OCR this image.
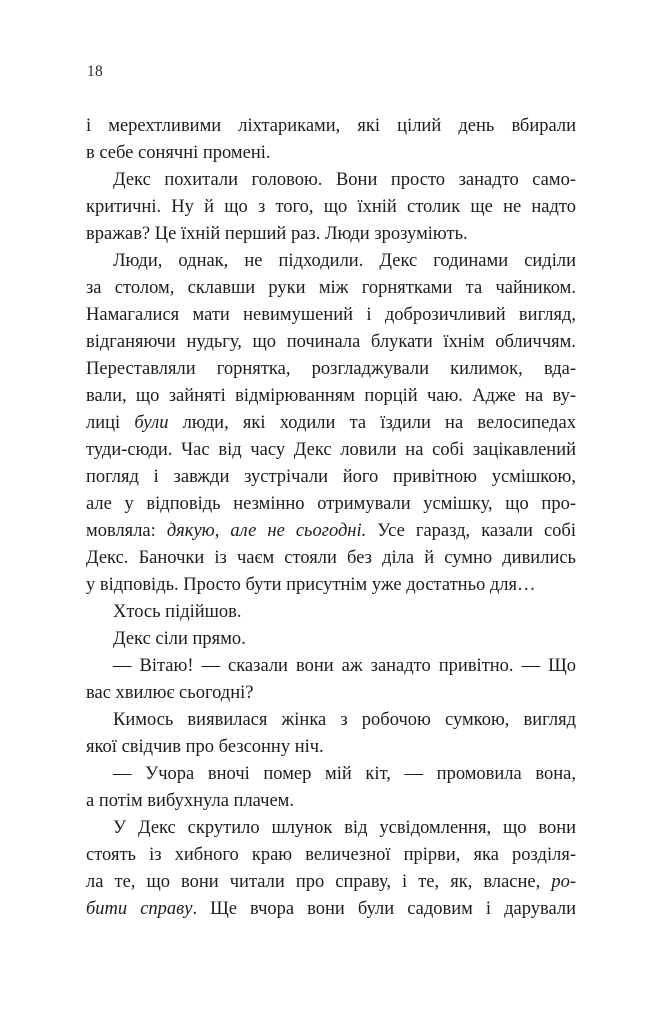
18
і мерехтливими ліхтариками, які цілий день вбирали
в себе сонячні промені.
Декс похитали головою. Вони просто занадто само-
критичні. Ну й що з того, що їхній столик ще не надто
вражав? Це їхній перший раз. Люди зрозуміють.
Люди, однак, не підходили. Декс годинами сиділи
за столом, склавши руки між горнятками та чайником.
Намагалися мати невимушений і доброзичливий вигляд,
відганяючи нудьгу, що починала блукати їхнім обличчям.
Переставляли горнятка, розгладжували килимок, вда-
вали, що зайняті відмірюванням порцій чаю. Адже на ву-
лиці були люди, які ходили та їздили на велосипедах
туди-сюди. Час від часу Декс ловили на собі зацікавлений
погляд і завжди зустрічали його привітною усмішкою,
але у відповідь незмінно отримували усмішку, що про-
мовляла: дякую, але не сьогодні. Усе гаразд, казали собі
Декс. Баночки із чаєм стояли без діла й сумно дивились
у відповідь. Просто бути присутнім уже достатньо для…
Хтось підійшов.
Декс сіли прямо.
— Вітаю! — сказали вони аж занадто привітно. — Що
вас хвилює сьогодні?
Кимось виявилася жінка з робочою сумкою, вигляд
якої свідчив про безсонну ніч.
— Учора вночі помер мій кіт, — промовила вона,
а потім вибухнула плачем.
У Декс скрутило шлунок від усвідомлення, що вони
стоять із хибного краю величезної прірви, яка розділя-
ла те, що вони читали про справу, і те, як, власне, ро-
бити справу. Ще вчора вони були садовим і дарували
